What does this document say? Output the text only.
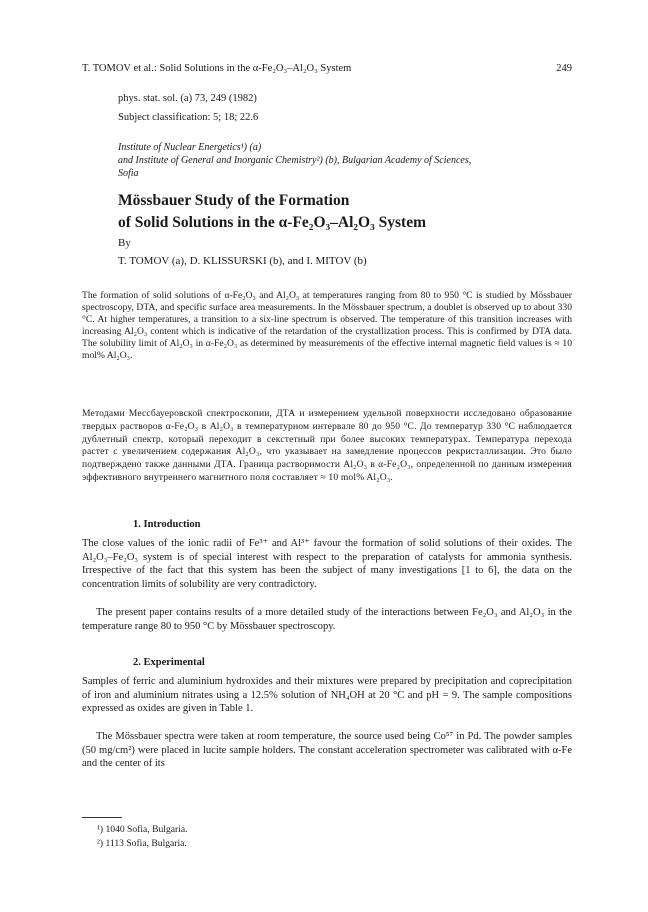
T. TOMOV et al.: Solid Solutions in the α-Fe₂O₃–Al₂O₃ System	249
phys. stat. sol. (a) 73, 249 (1982)
Subject classification: 5; 18; 22.6
Institute of Nuclear Energetics¹) (a)
and Institute of General and Inorganic Chemistry²) (b), Bulgarian Academy of Sciences,
Sofia
Mössbauer Study of the Formation
of Solid Solutions in the α-Fe₂O₃–Al₂O₃ System
By
T. TOMOV (a), D. KLISSURSKI (b), and I. MITOV (b)
The formation of solid solutions of α-Fe₂O₃ and Al₂O₃ at temperatures ranging from 80 to 950 °C is studied by Mössbauer spectroscopy, DTA, and specific surface area measurements. In the Mössbauer spectrum, a doublet is observed up to about 330 °C. At higher temperatures, a transition to a six-line spectrum is observed. The temperature of this transition increases with increasing Al₂O₃ content which is indicative of the retardation of the crystallization process. This is confirmed by DTA data. The solubility limit of Al₂O₃ in α-Fe₂O₃ as determined by measurements of the effective internal magnetic field values is ≈ 10 mol% Al₂O₃.
Методами Мессбауеровской спектроскопии, ДТА и измерением удельной поверхности исследовано образование твердых растворов α-Fe₂O₃ в Al₂O₃ в температурном интервале 80 до 950 °C. До температур 330 °C наблюдается дублетный спектр, который переходит в секстетный при более высоких температурах. Температура перехода растет с увеличением содержания Al₂O₃, что указывает на замедление процессов рекристаллизации. Это было подтверждено также данными ДТА. Граница растворимости Al₂O₃ в α-Fe₂O₃, определенной по данным измерения эффективного внутреннего магнитного поля составляет ≈ 10 mol% Al₂O₃.
1. Introduction
The close values of the ionic radii of Fe³⁺ and Al³⁺ favour the formation of solid solutions of their oxides. The Al₂O₃–Fe₂O₃ system is of special interest with respect to the preparation of catalysts for ammonia synthesis. Irrespective of the fact that this system has been the subject of many investigations [1 to 6], the data on the concentration limits of solubility are very contradictory.
The present paper contains results of a more detailed study of the interactions between Fe₂O₃ and Al₂O₃ in the temperature range 80 to 950 °C by Mössbauer spectroscopy.
2. Experimental
Samples of ferric and aluminium hydroxides and their mixtures were prepared by precipitation and coprecipitation of iron and aluminium nitrates using a 12.5% solution of NH₄OH at 20 °C and pH = 9. The sample compositions expressed as oxides are given in Table 1.
The Mössbauer spectra were taken at room temperature, the source used being Co⁵⁷ in Pd. The powder samples (50 mg/cm²) were placed in lucite sample holders. The constant acceleration spectrometer was calibrated with α-Fe and the center of its
¹) 1040 Sofia, Bulgaria.
²) 1113 Sofia, Bulgaria.
